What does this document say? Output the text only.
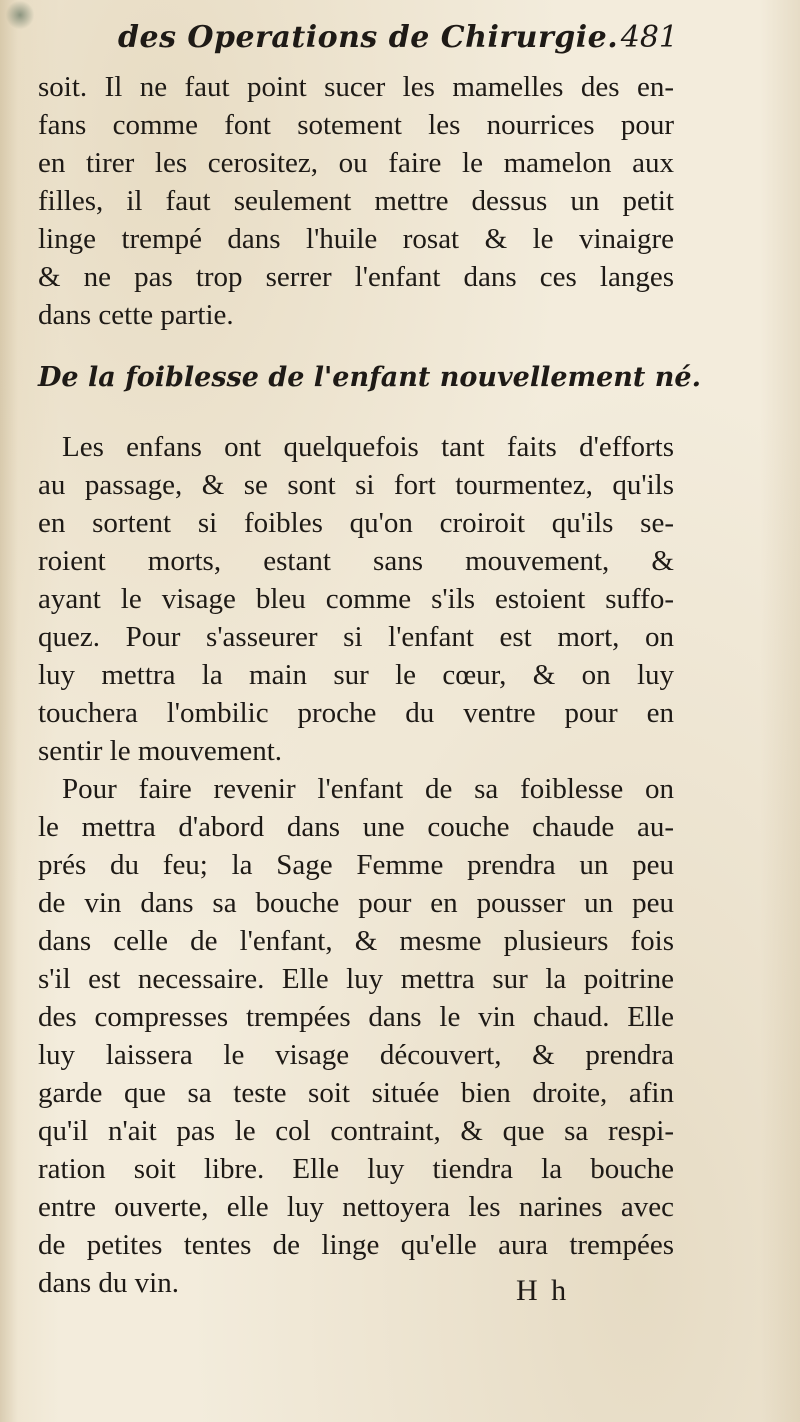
des Operations de Chirurgie. 481
soit. Il ne faut point sucer les mamelles des en-
fans comme font sotement les nourrices pour
en tirer les cerositez, ou faire le mamelon aux
filles, il faut seulement mettre dessus un petit
linge trempé dans l'huile rosat & le vinaigre
& ne pas trop serrer l'enfant dans ces langes
dans cette partie.
De la foiblesse de l'enfant nouvellement né.
Les enfans ont quelquefois tant faits d'efforts
au passage, & se sont si fort tourmentez, qu'ils
en sortent si foibles qu'on croiroit qu'ils se-
roient morts, estant sans mouvement, &
ayant le visage bleu comme s'ils estoient suffo-
quez. Pour s'asseurer si l'enfant est mort, on
luy mettra la main sur le cœur, & on luy
touchera l'ombilic proche du ventre pour en
sentir le mouvement.
Pour faire revenir l'enfant de sa foiblesse on
le mettra d'abord dans une couche chaude au-
prés du feu; la Sage Femme prendra un peu
de vin dans sa bouche pour en pousser un peu
dans celle de l'enfant, & mesme plusieurs fois
s'il est necessaire. Elle luy mettra sur la poitrine
des compresses trempées dans le vin chaud. Elle
luy laissera le visage découvert, & prendra
garde que sa teste soit située bien droite, afin
qu'il n'ait pas le col contraint, & que sa respi-
ration soit libre. Elle luy tiendra la bouche
entre ouverte, elle luy nettoyera les narines avec
de petites tentes de linge qu'elle aura trempées
dans du vin.	H h
